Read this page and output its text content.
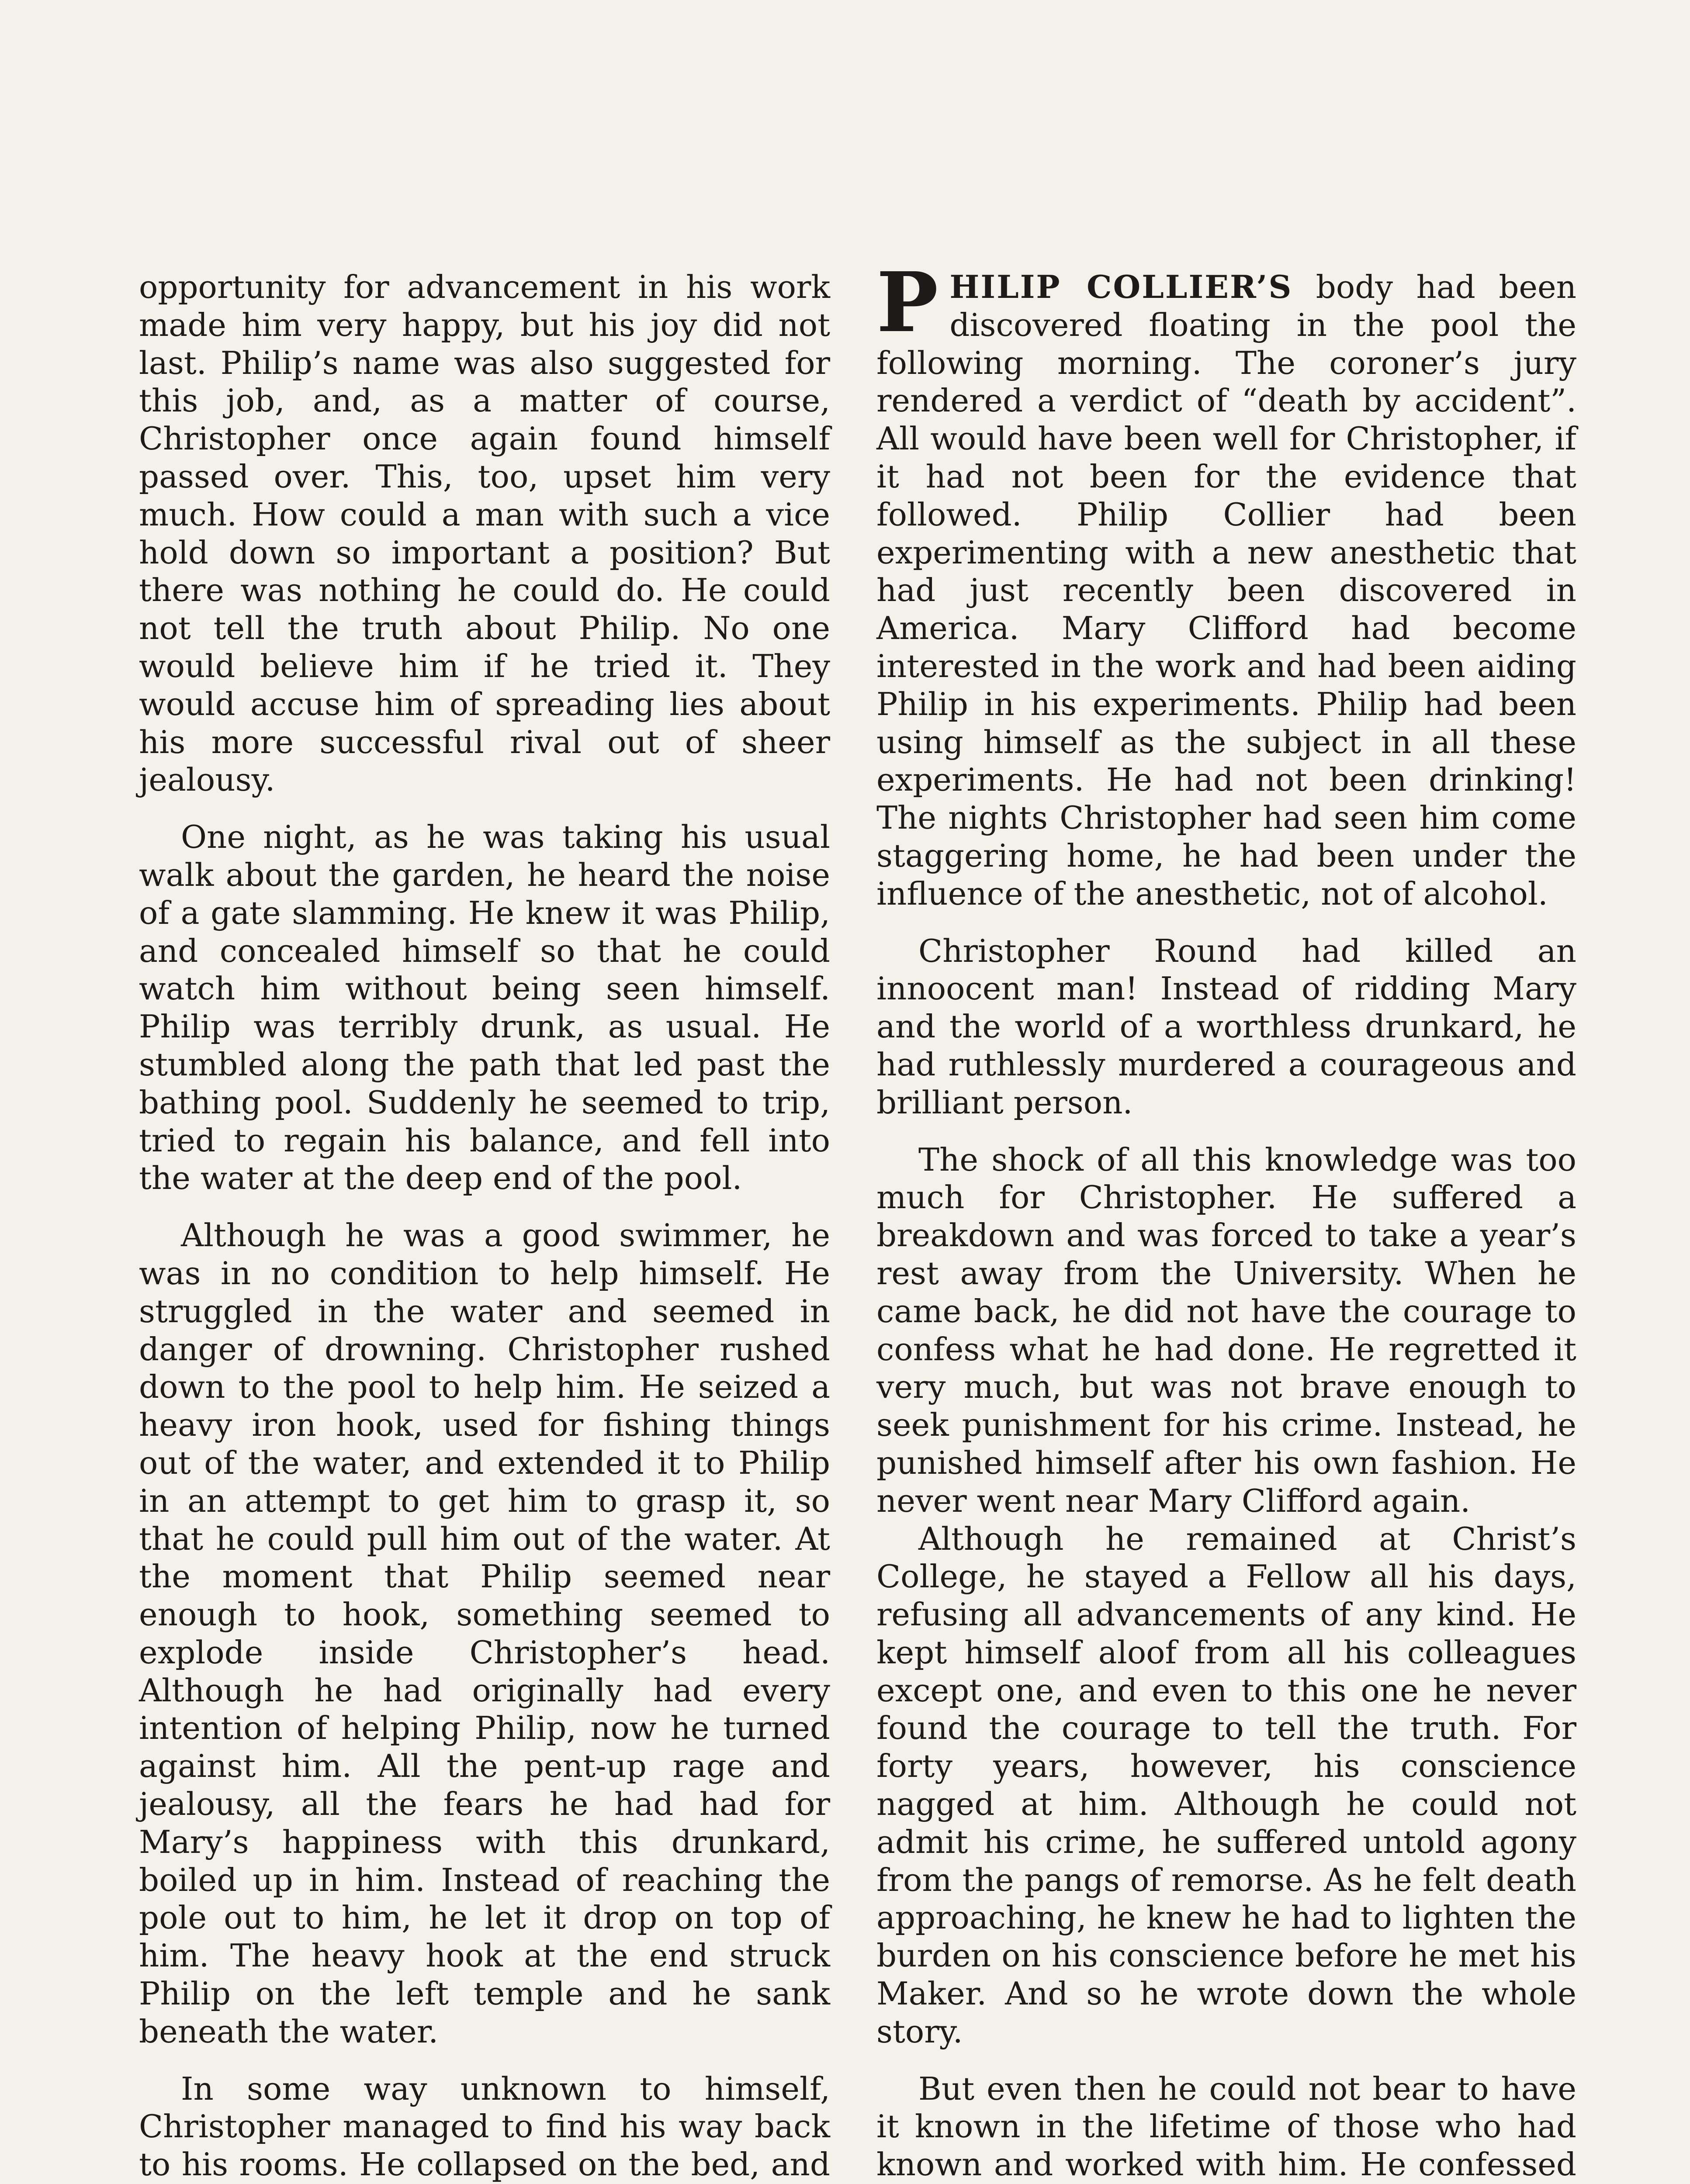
opportunity for advancement in his work made him very happy, but his joy did not last. Philip’s name was also suggested for this job, and, as a matter of course, Christopher once again found himself passed over. This, too, upset him very much. How could a man with such a vice hold down so important a position? But there was nothing he could do. He could not tell the truth about Philip. No one would believe him if he tried it. They would accuse him of spreading lies about his more successful rival out of sheer jealousy.

One night, as he was taking his usual walk about the garden, he heard the noise of a gate slamming. He knew it was Philip, and concealed himself so that he could watch him without being seen himself. Philip was terribly drunk, as usual. He stumbled along the path that led past the bathing pool. Suddenly he seemed to trip, tried to regain his balance, and fell into the water at the deep end of the pool.

Although he was a good swimmer, he was in no condition to help himself. He struggled in the water and seemed in danger of drowning. Christopher rushed down to the pool to help him. He seized a heavy iron hook, used for fishing things out of the water, and extended it to Philip in an attempt to get him to grasp it, so that he could pull him out of the water. At the moment that Philip seemed near enough to hook, something seemed to explode inside Christopher’s head. Although he had originally had every intention of helping Philip, now he turned against him. All the pent-up rage and jealousy, all the fears he had had for Mary’s happiness with this drunkard, boiled up in him. Instead of reaching the pole out to him, he let it drop on top of him. The heavy hook at the end struck Philip on the left temple and he sank beneath the water.

In some way unknown to himself, Christopher managed to find his way back to his rooms. He collapsed on the bed, and

PHILIP COLLIER’S body had been discovered floating in the pool the following morning. The coroner’s jury rendered a verdict of “death by accident”. All would have been well for Christopher, if it had not been for the evidence that followed. Philip Collier had been experimenting with a new anesthetic that had just recently been discovered in America. Mary Clifford had become interested in the work and had been aiding Philip in his experiments. Philip had been using himself as the subject in all these experiments. He had not been drinking! The nights Christopher had seen him come staggering home, he had been under the influence of the anesthetic, not of alcohol.

Christopher Round had killed an innoocent man! Instead of ridding Mary and the world of a worthless drunkard, he had ruthlessly murdered a courageous and brilliant person.

The shock of all this knowledge was too much for Christopher. He suffered a breakdown and was forced to take a year’s rest away from the University. When he came back, he did not have the courage to confess what he had done. He regretted it very much, but was not brave enough to seek punishment for his crime. Instead, he punished himself after his own fashion. He never went near Mary Clifford again.

Although he remained at Christ’s College, he stayed a Fellow all his days, refusing all advancements of any kind. He kept himself aloof from all his colleagues except one, and even to this one he never found the courage to tell the truth. For forty years, however, his conscience nagged at him. Although he could not admit his crime, he suffered untold agony from the pangs of remorse. As he felt death approaching, he knew he had to lighten the burden on his conscience before he met his Maker. And so he wrote down the whole story.

But even then he could not bear to have it known in the lifetime of those who had known and worked with him. He confessed
